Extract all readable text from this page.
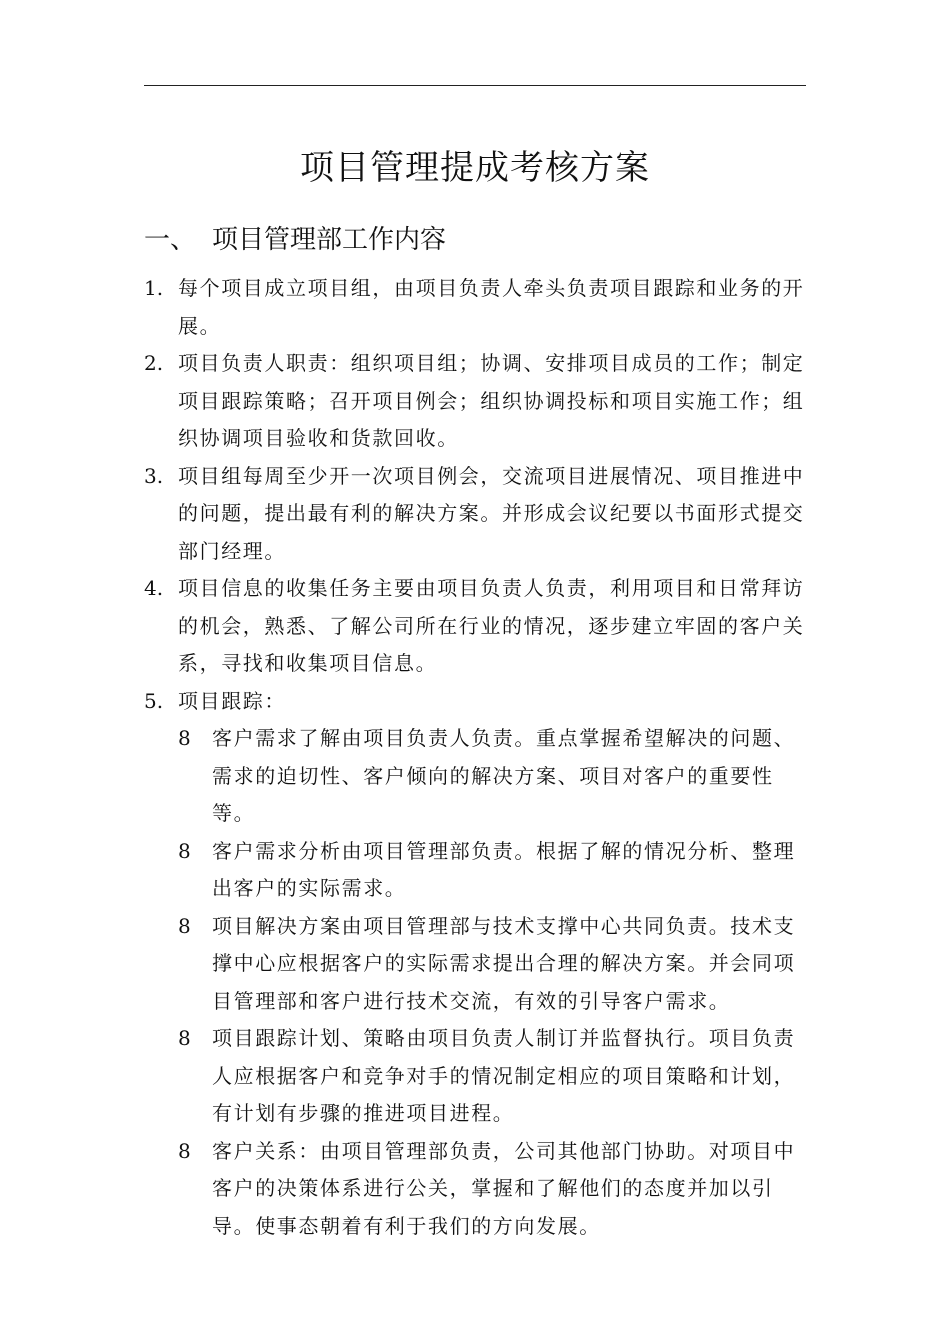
项目管理提成考核方案
一、 项目管理部工作内容
1. 每个项目成立项目组，由项目负责人牵头负责项目跟踪和业务的开展。
2. 项目负责人职责：组织项目组；协调、安排项目成员的工作；制定项目跟踪策略；召开项目例会；组织协调投标和项目实施工作；组织协调项目验收和货款回收。
3. 项目组每周至少开一次项目例会，交流项目进展情况、项目推进中的问题，提出最有利的解决方案。并形成会议纪要以书面形式提交部门经理。
4. 项目信息的收集任务主要由项目负责人负责，利用项目和日常拜访的机会，熟悉、了解公司所在行业的情况，逐步建立牢固的客户关系，寻找和收集项目信息。
5. 项目跟踪：
8 客户需求了解由项目负责人负责。重点掌握希望解决的问题、需求的迫切性、客户倾向的解决方案、项目对客户的重要性等。
8 客户需求分析由项目管理部负责。根据了解的情况分析、整理出客户的实际需求。
8 项目解决方案由项目管理部与技术支撑中心共同负责。技术支撑中心应根据客户的实际需求提出合理的解决方案。并会同项目管理部和客户进行技术交流，有效的引导客户需求。
8 项目跟踪计划、策略由项目负责人制订并监督执行。项目负责人应根据客户和竞争对手的情况制定相应的项目策略和计划，有计划有步骤的推进项目进程。
8 客户关系：由项目管理部负责，公司其他部门协助。对项目中客户的决策体系进行公关，掌握和了解他们的态度并加以引导。使事态朝着有利于我们的方向发展。
